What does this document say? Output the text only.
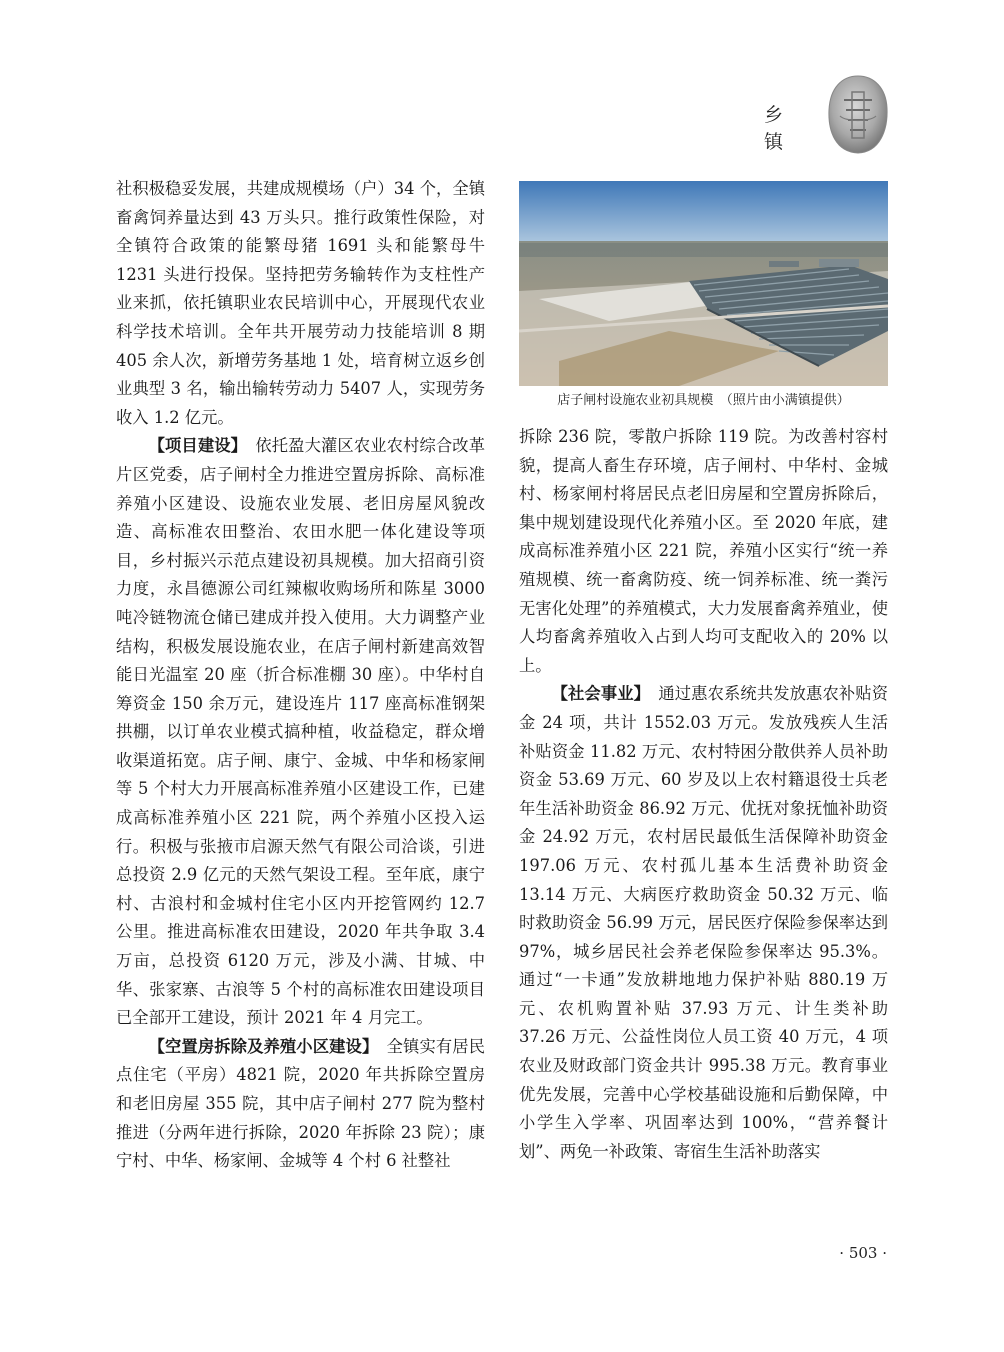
乡 镇

社积极稳妥发展，共建成规模场（户）34 个，全镇畜禽饲养量达到 43 万头只。推行政策性保险，对全镇符合政策的能繁母猪 1691 头和能繁母牛 1231 头进行投保。坚持把劳务输转作为支柱性产业来抓，依托镇职业农民培训中心，开展现代农业科学技术培训。全年共开展劳动力技能培训 8 期 405 余人次，新增劳务基地 1 处，培育树立返乡创业典型 3 名，输出输转劳动力 5407 人，实现劳务收入 1.2 亿元。

【项目建设】　 依托盈大灌区农业农村综合改革片区党委，店子闸村全力推进空置房拆除、高标准养殖小区建设、设施农业发展、老旧房屋风貌改造、高标准农田整治、农田水肥一体化建设等项目，乡村振兴示范点建设初具规模。加大招商引资力度，永昌德源公司红辣椒收购场所和陈星 3000 吨冷链物流仓储已建成并投入使用。大力调整产业结构，积极发展设施农业，在店子闸村新建高效智能日光温室 20 座（折合标准棚 30 座）。中华村自筹资金 150 余万元，建设连片 117 座高标准钢架拱棚，以订单农业模式搞种植，收益稳定，群众增收渠道拓宽。店子闸、康宁、金城、中华和杨家闸等 5 个村大力开展高标准养殖小区建设工作，已建成高标准养殖小区 221 院，两个养殖小区投入运行。积极与张掖市启源天然气有限公司洽谈，引进总投资 2.9 亿元的天然气架设工程。至年底，康宁村、古浪村和金城村住宅小区内开挖管网约 12.7 公里。推进高标准农田建设，2020 年共争取 3.4 万亩，总投资 6120 万元，涉及小满、甘城、中华、张家寨、古浪等 5 个村的高标准农田建设项目已全部开工建设，预计 2021 年 4 月完工。

【空置房拆除及养殖小区建设】　 全镇实有居民点住宅（平房）4821 院，2020 年共拆除空置房和老旧房屋 355 院，其中店子闸村 277 院为整村推进（分两年进行拆除，2020 年拆除 23 院）；康宁村、中华、杨家闸、金城等 4 个村 6 社整社

店子闸村设施农业初具规模　（照片由小满镇提供）

拆除 236 院，零散户拆除 119 院。为改善村容村貌，提高人畜生存环境，店子闸村、中华村、金城村、杨家闸村将居民点老旧房屋和空置房拆除后，集中规划建设现代化养殖小区。至 2020 年底，建成高标准养殖小区 221 院，养殖小区实行“统一养殖规模、统一畜禽防疫、统一饲养标准、统一粪污无害化处理”的养殖模式，大力发展畜禽养殖业，使人均畜禽养殖收入占到人均可支配收入的 20% 以上。

【社会事业】　 通过惠农系统共发放惠农补贴资金 24 项，共计 1552.03 万元。发放残疾人生活补贴资金 11.82 万元、农村特困分散供养人员补助资金 53.69 万元、60 岁及以上农村籍退役士兵老年生活补助资金 86.92 万元、优抚对象抚恤补助资金 24.92 万元，农村居民最低生活保障补助资金 197.06 万元、农村孤儿基本生活费补助资金 13.14 万元、大病医疗救助资金 50.32 万元、临时救助资金 56.99 万元，居民医疗保险参保率达到 97%，城乡居民社会养老保险参保率达 95.3%。通过“一卡通”发放耕地地力保护补贴 880.19 万元、农机购置补贴 37.93 万元、计生类补助 37.26 万元、公益性岗位人员工资 40 万元，4 项农业及财政部门资金共计 995.38 万元。教育事业优先发展，完善中心学校基础设施和后勤保障，中小学生入学率、巩固率达到 100%，“营养餐计划”、两免一补政策、寄宿生生活补助落实

· 503 ·
